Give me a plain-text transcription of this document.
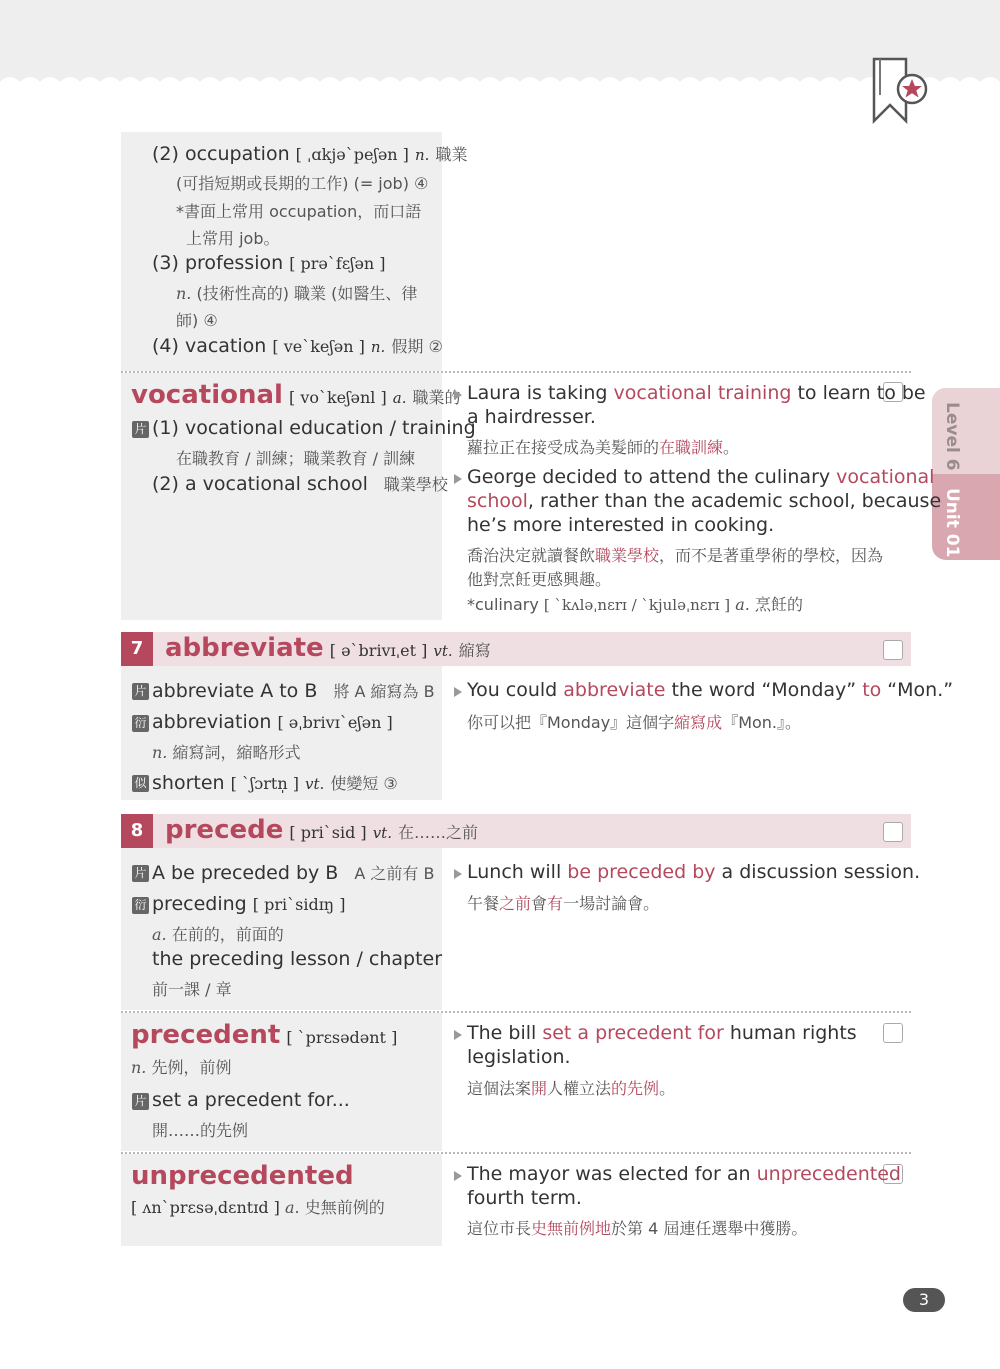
Level 6
Unit 01
(2) occupation [ ˌɑkjəˋpeʃən ] n. 職業
(可指短期或長期的工作) (= job) ④
*書面上常用 occupation，而口語
上常用 job。
(3) profession [ prəˋfɛʃən ]
n. (技術性高的) 職業 (如醫生、律
師) ④
(4) vacation [ veˋkeʃən ] n. 假期 ②
vocational [ voˋkeʃənl ] a. 職業的
片 (1) vocational education / training
在職教育 / 訓練；職業教育 / 訓練
(2) a vocational school 職業學校
Laura is taking vocational training to learn to be
a hairdresser.
蘿拉正在接受成為美髮師的在職訓練。
George decided to attend the culinary vocational
school, rather than the academic school, because
he’s more interested in cooking.
喬治決定就讀餐飲職業學校，而不是著重學術的學校，因為
他對烹飪更感興趣。
*culinary [ ˋkʌləˌnɛrɪ / ˋkjuləˌnɛrɪ ] a. 烹飪的
7 abbreviate [ əˋbrivɪˌet ] vt. 縮寫
片 abbreviate A to B 將 A 縮寫為 B
衍 abbreviation [ əˌbrivɪˋeʃən ]
n. 縮寫詞，縮略形式
似 shorten [ ˋʃɔrtn̩ ] vt. 使變短 ③
You could abbreviate the word “Monday” to “Mon.”
你可以把『Monday』這個字縮寫成『Mon.』。
8 precede [ priˋsid ] vt. 在……之前
片 A be preceded by B A 之前有 B
衍 preceding [ priˋsidɪŋ ]
a. 在前的，前面的
the preceding lesson / chapter
前一課 / 章
Lunch will be preceded by a discussion session.
午餐之前會有一場討論會。
precedent [ ˋprɛsədənt ]
n. 先例，前例
片 set a precedent for...
開……的先例
The bill set a precedent for human rights
legislation.
這個法案開人權立法的先例。
unprecedented
[ ʌnˋprɛsəˌdɛntɪd ] a. 史無前例的
The mayor was elected for an unprecedented
fourth term.
這位市長史無前例地於第 4 屆連任選舉中獲勝。
3
